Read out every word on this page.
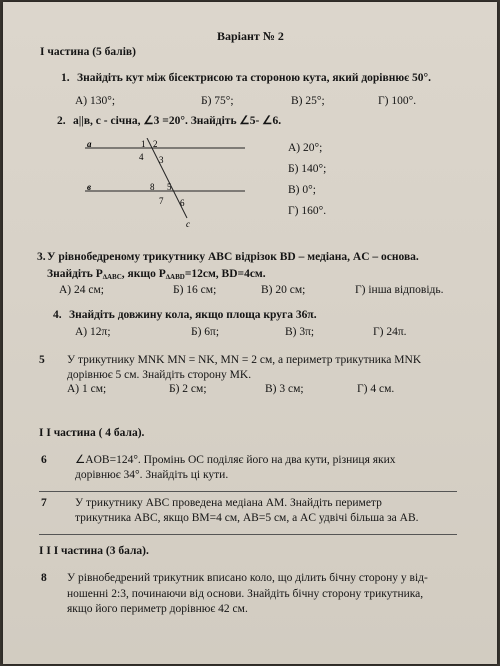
Варіант № 2
I частина (5 балів)
1. Знайдіть кут між бісектрисою та стороною кута, який дорівнює 50°.
А) 130°;	Б) 75°;	В) 25°;	Г) 100°.
2. a||в, c - січна, ∠3 =20°. Знайдіть ∠5- ∠6.
a
в
c
1 2
4 3
8 5
7 6
А) 20°;
Б) 140°;
В) 0°;
Г) 160°.
3. У рівнобедреному трикутнику ABC відрізок BD – медіана, AC – основа.
Знайдіть $P_{\Delta ABC}$, якщо $P_{\Delta ABD}=12см$, BD=4см.
А) 24 см;	Б) 16 см;	В) 20 см;	Г) інша відповідь.
4. Знайдіть довжину кола, якщо площа круга 36π.
А) 12π;	Б) 6π;	В) 3π;	Г) 24π.
5 У трикутнику MNK MN = NK, MN = 2 см, а периметр трикутника MNK
дорівнює 5 см. Знайдіть сторону MK.
А) 1 см;	Б) 2 см;	В) 3 см;	Г) 4 см.
I I частина ( 4 бала).
6 ∠AOB=124°. Промінь OC поділяє його на два кути, різниця яких
дорівнює 34°. Знайдіть ці кути.
7 У трикутнику ABC проведена медіана AM. Знайдіть периметр
трикутника ABC, якщо BM=4 см, AB=5 см, а AC удвічі більша за AB.
I I I частина (3 бала).
8 У рівнобедрений трикутник вписано коло, що ділить бічну сторону у від-
ношенні 2:3, починаючи від основи. Знайдіть бічну сторону трикутника,
якщо його периметр дорівнює 42 см.
